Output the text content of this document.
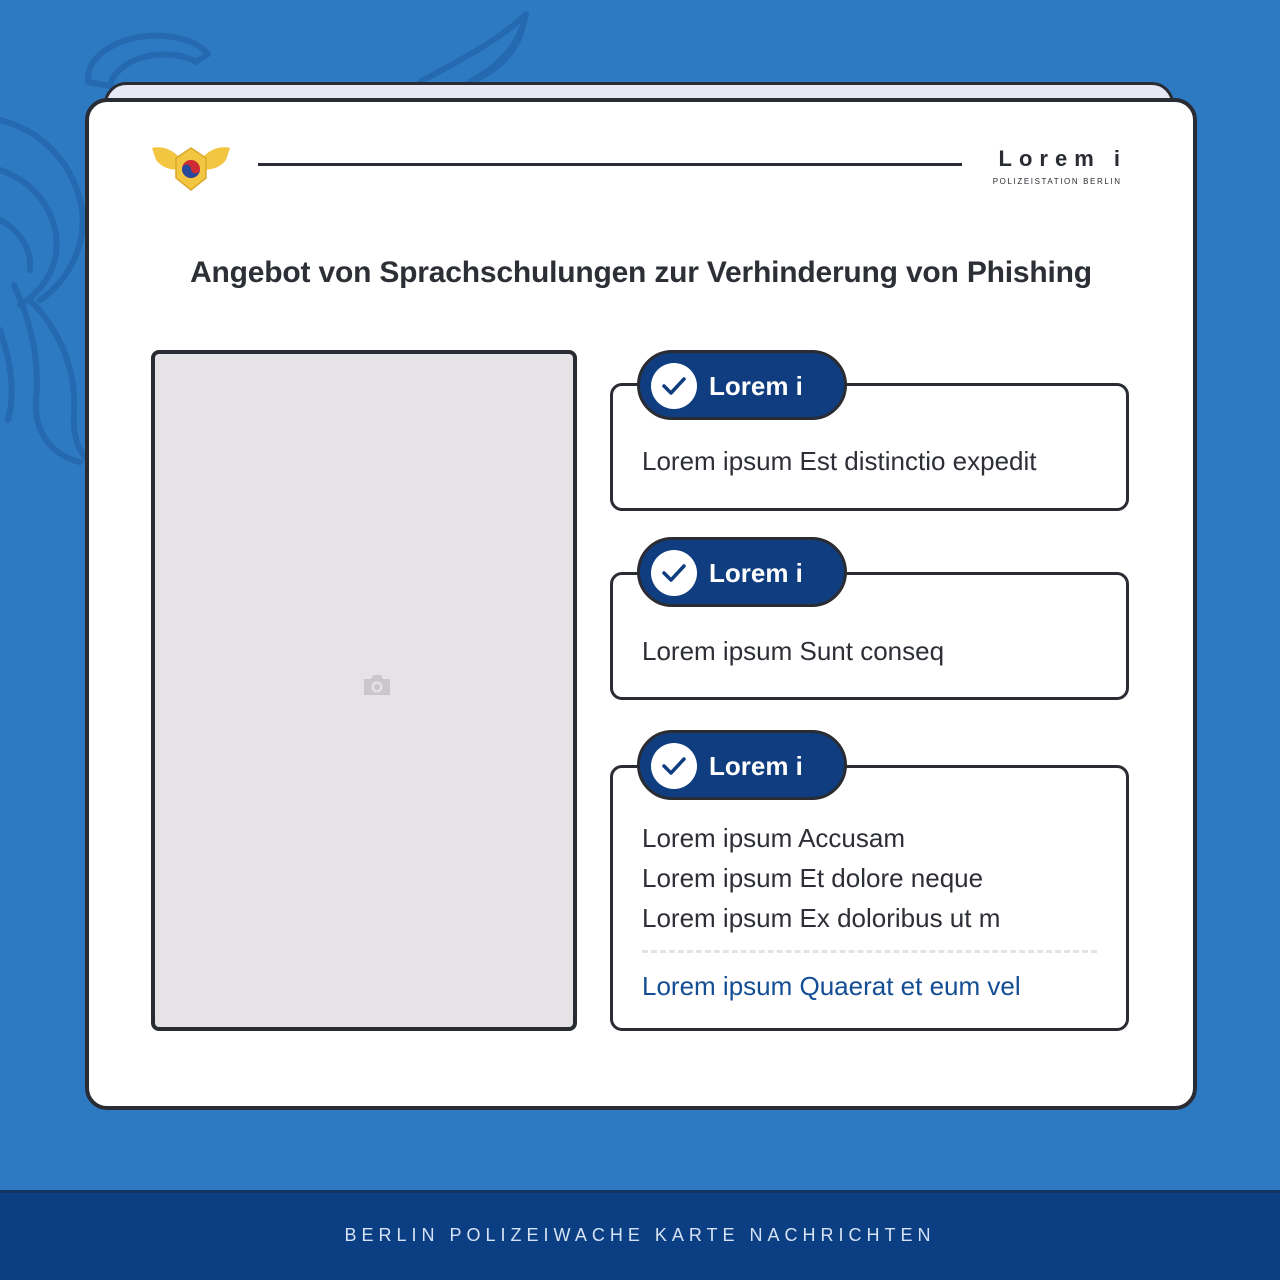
Lorem i
POLIZEISTATION BERLIN
Angebot von Sprachschulungen zur Verhinderung von Phishing
Lorem i
Lorem ipsum Est distinctio expedit
Lorem i
Lorem ipsum Sunt conseq
Lorem i
Lorem ipsum Accusam
Lorem ipsum Et dolore neque
Lorem ipsum Ex doloribus ut m
Lorem ipsum Quaerat et eum vel
BERLIN POLIZEIWACHE KARTE NACHRICHTEN
